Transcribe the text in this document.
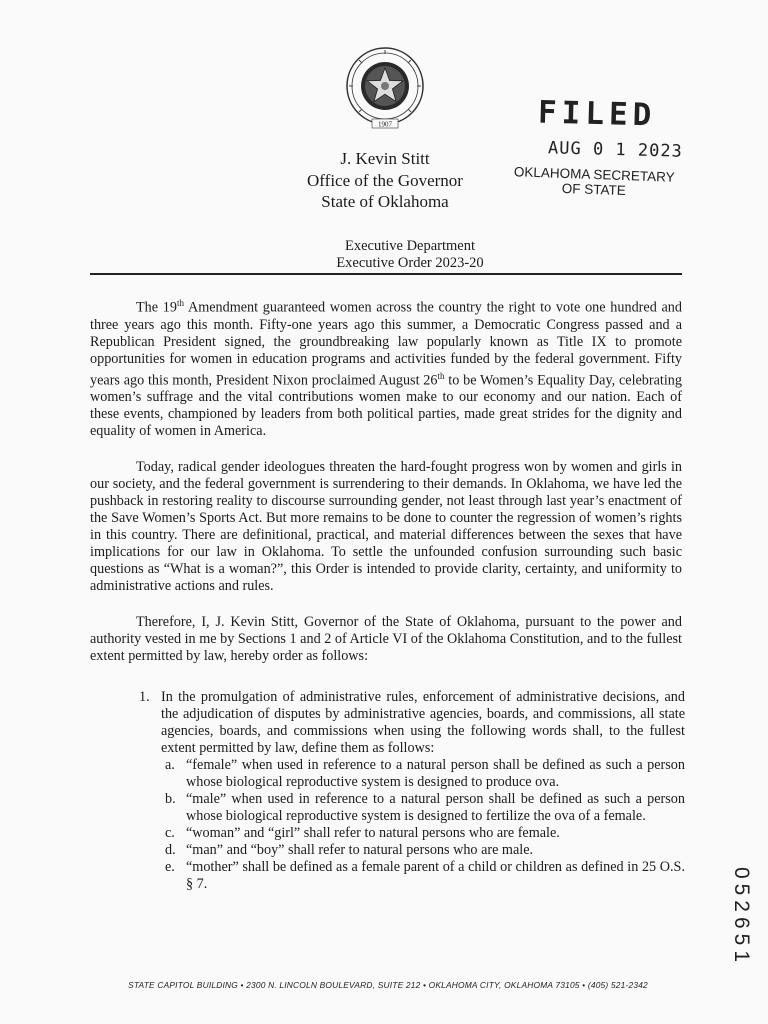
1907	FILED
AUG 0 1 2023
OKLAHOMA SECRETARY
OF STATE
J. Kevin Stitt
Office of the Governor
State of Oklahoma
Executive Department
Executive Order 2023-20

The 19th Amendment guaranteed women across the country the right to vote one hundred and three years ago this month. Fifty-one years ago this summer, a Democratic Congress passed and a Republican President signed, the groundbreaking law popularly known as Title IX to promote opportunities for women in education programs and activities funded by the federal government. Fifty years ago this month, President Nixon proclaimed August 26th to be Women’s Equality Day, celebrating women’s suffrage and the vital contributions women make to our economy and our nation. Each of these events, championed by leaders from both political parties, made great strides for the dignity and equality of women in America.

Today, radical gender ideologues threaten the hard-fought progress won by women and girls in our society, and the federal government is surrendering to their demands. In Oklahoma, we have led the pushback in restoring reality to discourse surrounding gender, not least through last year’s enactment of the Save Women’s Sports Act. But more remains to be done to counter the regression of women’s rights in this country. There are definitional, practical, and material differences between the sexes that have implications for our law in Oklahoma. To settle the unfounded confusion surrounding such basic questions as “What is a woman?”, this Order is intended to provide clarity, certainty, and uniformity to administrative actions and rules.

Therefore, I, J. Kevin Stitt, Governor of the State of Oklahoma, pursuant to the power and authority vested in me by Sections 1 and 2 of Article VI of the Oklahoma Constitution, and to the fullest extent permitted by law, hereby order as follows:

1. In the promulgation of administrative rules, enforcement of administrative decisions, and the adjudication of disputes by administrative agencies, boards, and commissions, all state agencies, boards, and commissions when using the following words shall, to the fullest extent permitted by law, define them as follows:
a. “female” when used in reference to a natural person shall be defined as such a person whose biological reproductive system is designed to produce ova.
b. “male” when used in reference to a natural person shall be defined as such a person whose biological reproductive system is designed to fertilize the ova of a female.
c. “woman” and “girl” shall refer to natural persons who are female.
d. “man” and “boy” shall refer to natural persons who are male.
e. “mother” shall be defined as a female parent of a child or children as defined in 25 O.S. § 7.	052651
STATE CAPITOL BUILDING • 2300 N. LINCOLN BOULEVARD, SUITE 212 • OKLAHOMA CITY, OKLAHOMA 73105 • (405) 521-2342
